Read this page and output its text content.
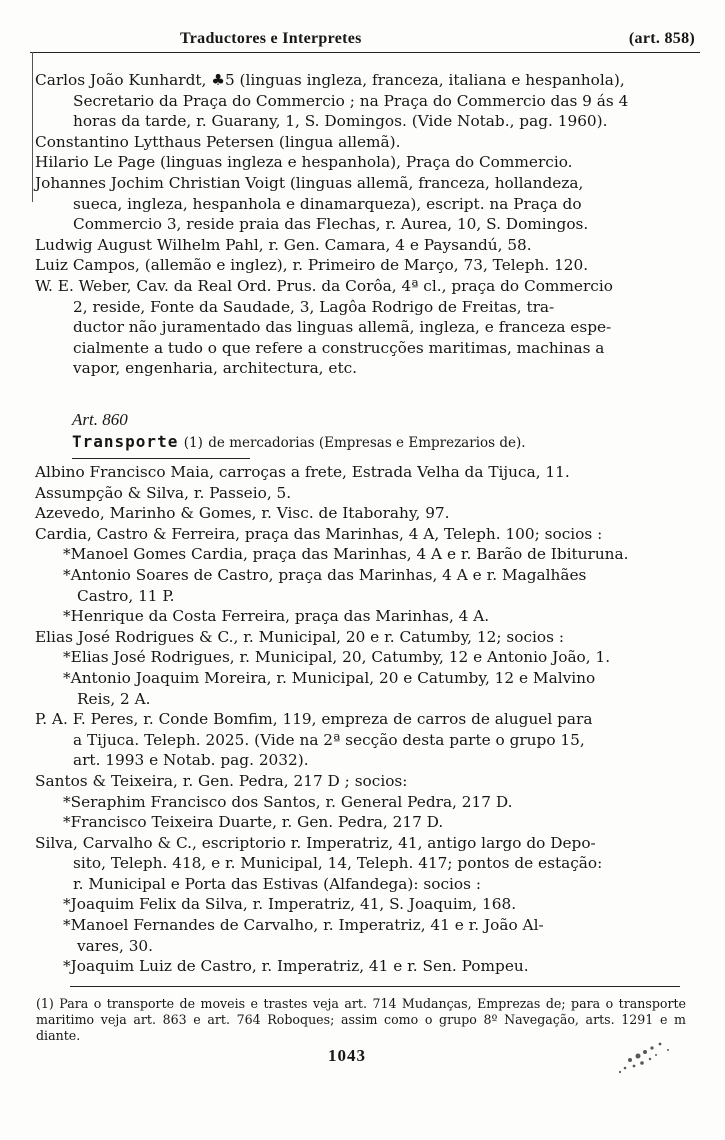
Traductores e Interpretes	(art. 858)

Carlos João Kunhardt, ♣5 (linguas ingleza, franceza, italiana e hespanhola),
Secretario da Praça do Commercio ; na Praça do Commercio das 9 ás 4
horas da tarde, r. Guarany, 1, S. Domingos. (Vide Notab., pag. 1960).

Constantino Lytthaus Petersen (lingua allemã).

Hilario Le Page (linguas ingleza e hespanhola), Praça do Commercio.

Johannes Jochim Christian Voigt (linguas allemã, franceza, hollandeza,
sueca, ingleza, hespanhola e dinamarqueza), escript. na Praça do
Commercio 3, reside praia das Flechas, r. Aurea, 10, S. Domingos.

Ludwig August Wilhelm Pahl, r. Gen. Camara, 4 e Paysandú, 58.

Luiz Campos, (allemão e inglez), r. Primeiro de Março, 73, Teleph. 120.

W. E. Weber, Cav. da Real Ord. Prus. da Corôa, 4ª cl., praça do Commercio
2, reside, Fonte da Saudade, 3, Lagôa Rodrigo de Freitas, tra-
ductor não juramentado das linguas allemã, ingleza, e franceza espe-
cialmente a tudo o que refere a construcções maritimas, machinas a
vapor, engenharia, architectura, etc.

Art. 860
Transporte (1) de mercadorias (Empresas e Emprezarios de).

Albino Francisco Maia, carroças a frete, Estrada Velha da Tijuca, 11.

Assumpção & Silva, r. Passeio, 5.

Azevedo, Marinho & Gomes, r. Visc. de Itaborahy, 97.

Cardia, Castro & Ferreira, praça das Marinhas, 4 A, Teleph. 100; socios :

*Manoel Gomes Cardia, praça das Marinhas, 4 A e r. Barão de Ibituruna.

*Antonio Soares de Castro, praça das Marinhas, 4 A e r. Magalhães
Castro, 11 P.

*Henrique da Costa Ferreira, praça das Marinhas, 4 A.

Elias José Rodrigues & C., r. Municipal, 20 e r. Catumby, 12; socios :

*Elias José Rodrigues, r. Municipal, 20, Catumby, 12 e Antonio João, 1.

*Antonio Joaquim Moreira, r. Municipal, 20 e Catumby, 12 e Malvino
Reis, 2 A.

P. A. F. Peres, r. Conde Bomfim, 119, empreza de carros de aluguel para
a Tijuca. Teleph. 2025. (Vide na 2ª secção desta parte o grupo 15,
art. 1993 e Notab. pag. 2032).

Santos & Teixeira, r. Gen. Pedra, 217 D ; socios:

*Seraphim Francisco dos Santos, r. General Pedra, 217 D.

*Francisco Teixeira Duarte, r. Gen. Pedra, 217 D.

Silva, Carvalho & C., escriptorio r. Imperatriz, 41, antigo largo do Depo-
sito, Teleph. 418, e r. Municipal, 14, Teleph. 417; pontos de estação:
r. Municipal e Porta das Estivas (Alfandega): socios :

*Joaquim Felix da Silva, r. Imperatriz, 41, S. Joaquim, 168.

*Manoel Fernandes de Carvalho, r. Imperatriz, 41 e r. João Al-
vares, 30.

*Joaquim Luiz de Castro, r. Imperatriz, 41 e r. Sen. Pompeu.

(1) Para o transporte de moveis e trastes veja art. 714 Mudanças, Emprezas de; para o transporte maritimo veja art. 863 e art. 764 Roboques; assim como o grupo 8º Navegação, arts. 1291 e m diante.
1043
